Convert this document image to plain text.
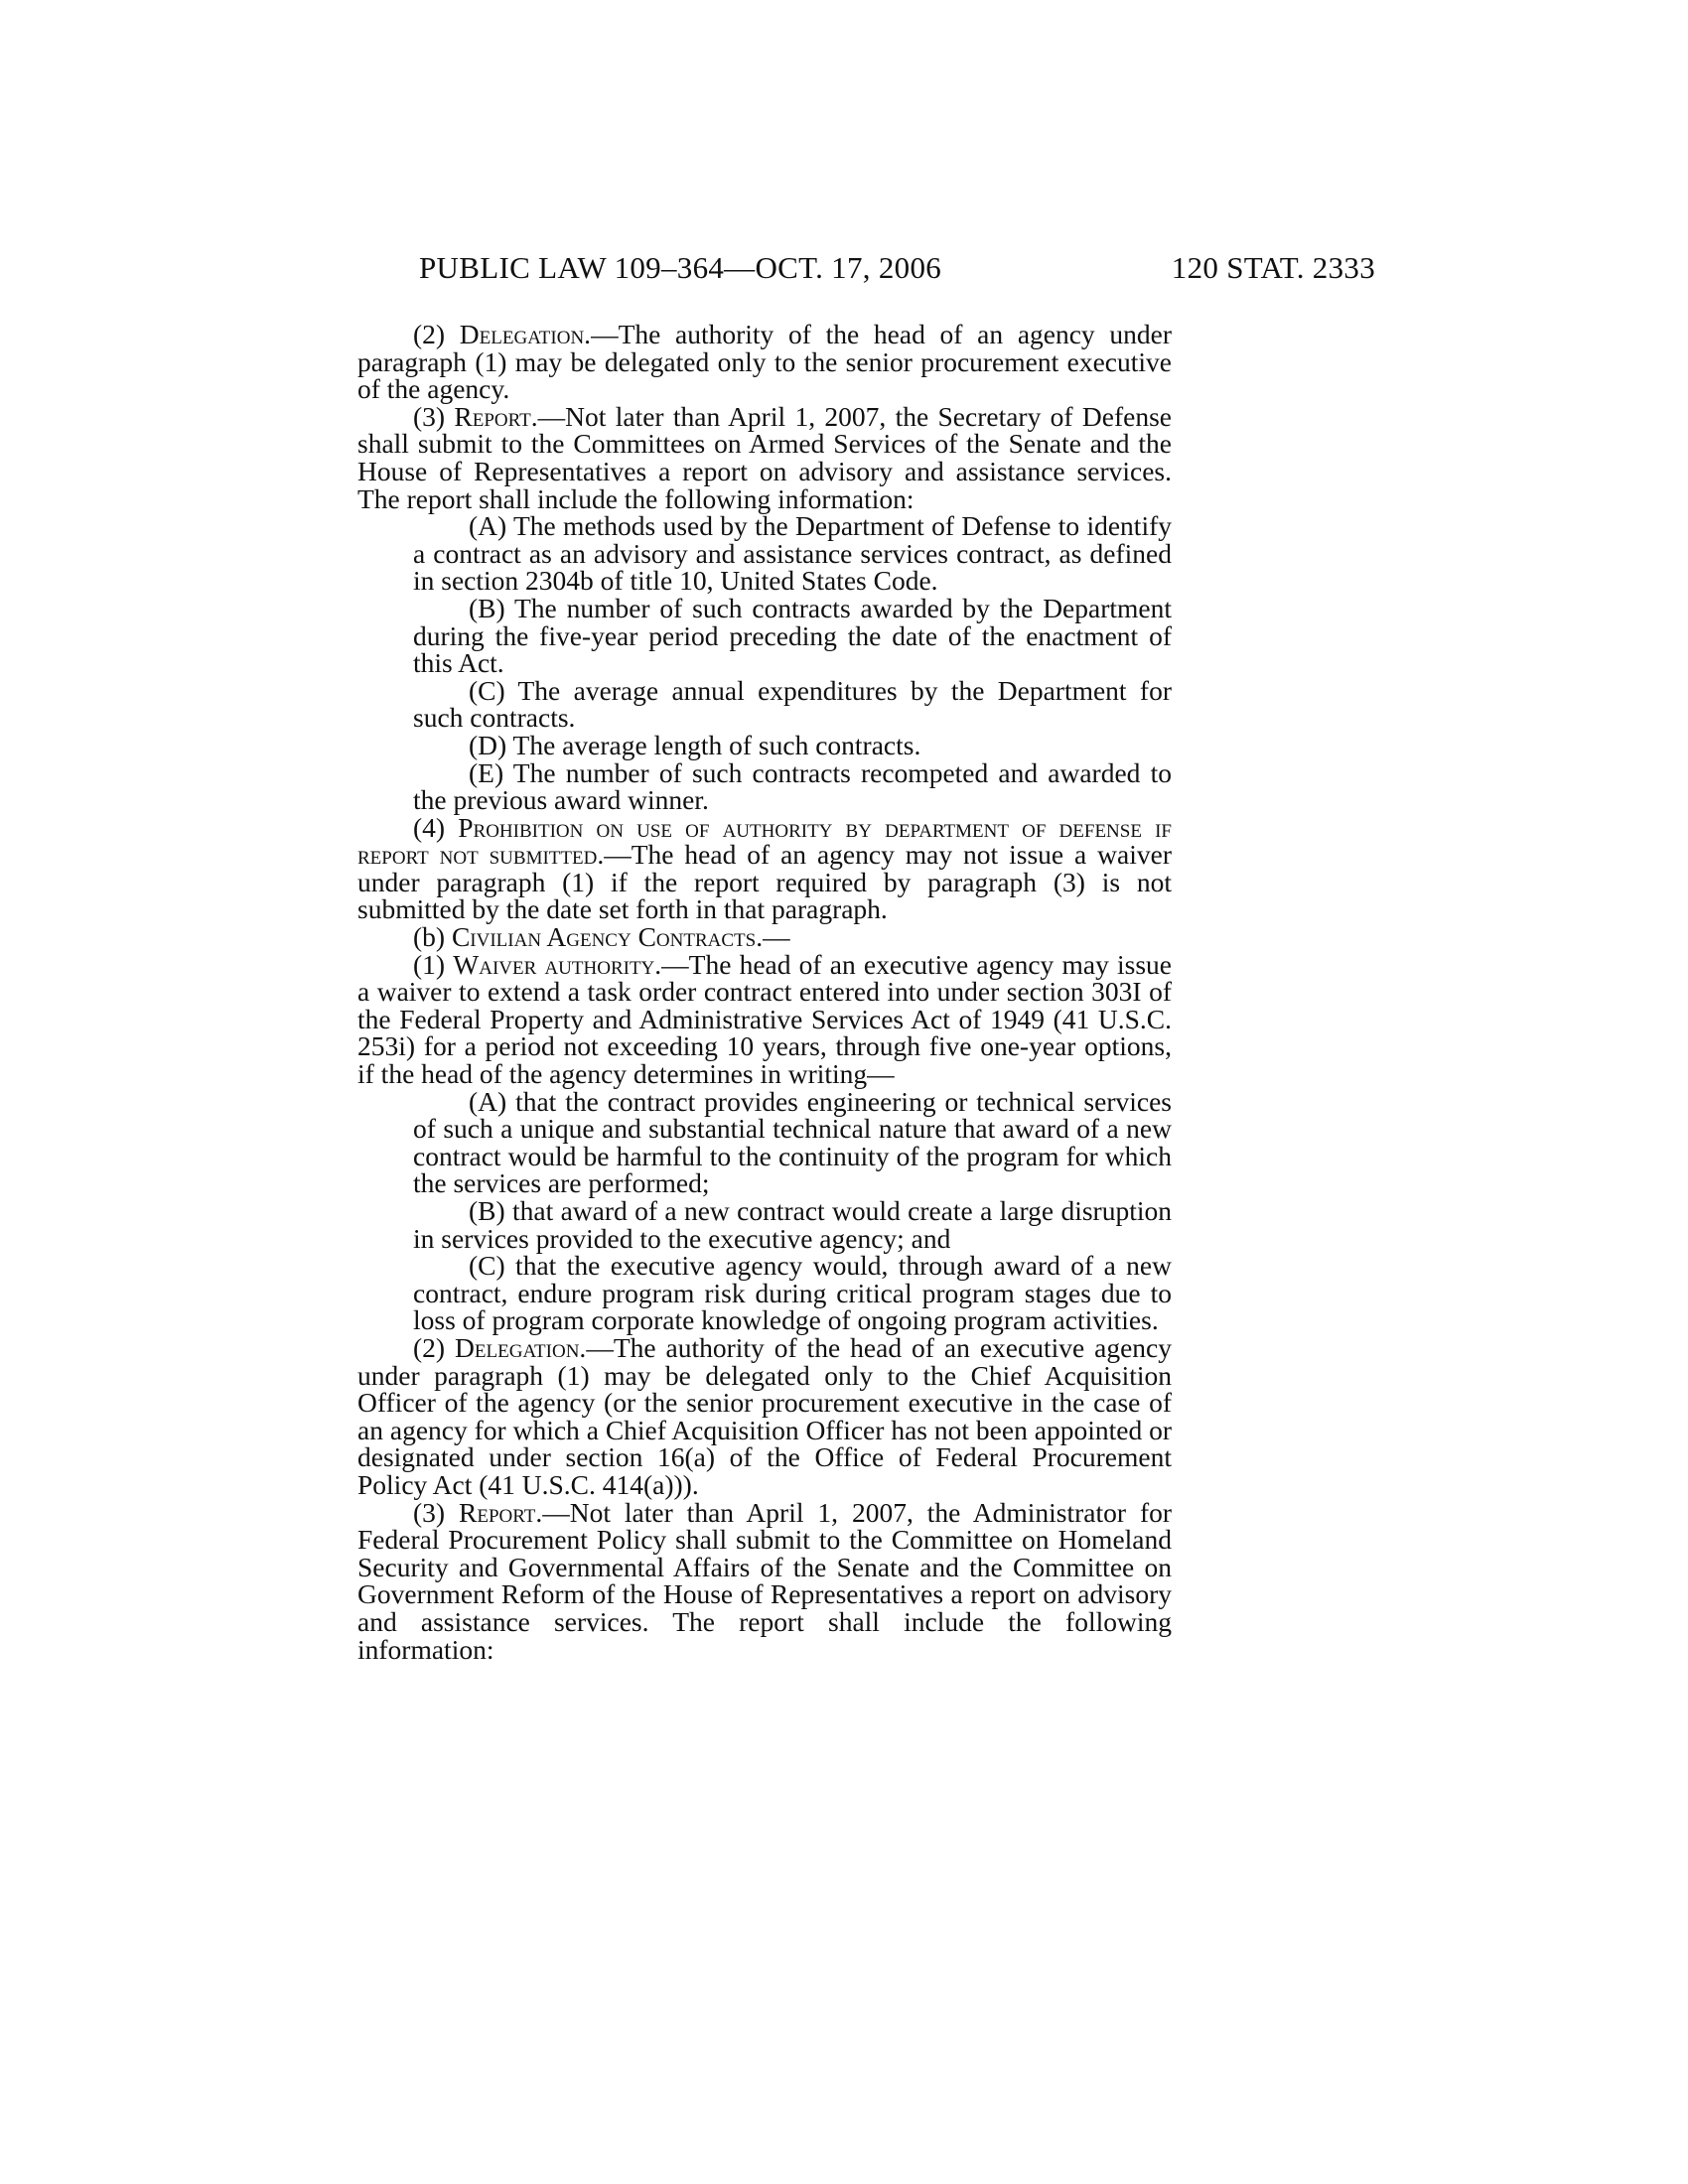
PUBLIC LAW 109–364—OCT. 17, 2006	120 STAT. 2333

(2) Delegation.—The authority of the head of an agency under paragraph (1) may be delegated only to the senior procurement executive of the agency.

(3) Report.—Not later than April 1, 2007, the Secretary of Defense shall submit to the Committees on Armed Services of the Senate and the House of Representatives a report on advisory and assistance services. The report shall include the following information:

(A) The methods used by the Department of Defense to identify a contract as an advisory and assistance services contract, as defined in section 2304b of title 10, United States Code.

(B) The number of such contracts awarded by the Department during the five-year period preceding the date of the enactment of this Act.

(C) The average annual expenditures by the Department for such contracts.

(D) The average length of such contracts.

(E) The number of such contracts recompeted and awarded to the previous award winner.

(4) Prohibition on use of authority by department of defense if report not submitted.—The head of an agency may not issue a waiver under paragraph (1) if the report required by paragraph (3) is not submitted by the date set forth in that paragraph.

(b) Civilian Agency Contracts.—

(1) Waiver authority.—The head of an executive agency may issue a waiver to extend a task order contract entered into under section 303I of the Federal Property and Administrative Services Act of 1949 (41 U.S.C. 253i) for a period not exceeding 10 years, through five one-year options, if the head of the agency determines in writing—

(A) that the contract provides engineering or technical services of such a unique and substantial technical nature that award of a new contract would be harmful to the continuity of the program for which the services are performed;

(B) that award of a new contract would create a large disruption in services provided to the executive agency; and

(C) that the executive agency would, through award of a new contract, endure program risk during critical program stages due to loss of program corporate knowledge of ongoing program activities.

(2) Delegation.—The authority of the head of an executive agency under paragraph (1) may be delegated only to the Chief Acquisition Officer of the agency (or the senior procurement executive in the case of an agency for which a Chief Acquisition Officer has not been appointed or designated under section 16(a) of the Office of Federal Procurement Policy Act (41 U.S.C. 414(a))).

(3) Report.—Not later than April 1, 2007, the Administrator for Federal Procurement Policy shall submit to the Committee on Homeland Security and Governmental Affairs of the Senate and the Committee on Government Reform of the House of Representatives a report on advisory and assistance services. The report shall include the following information:
